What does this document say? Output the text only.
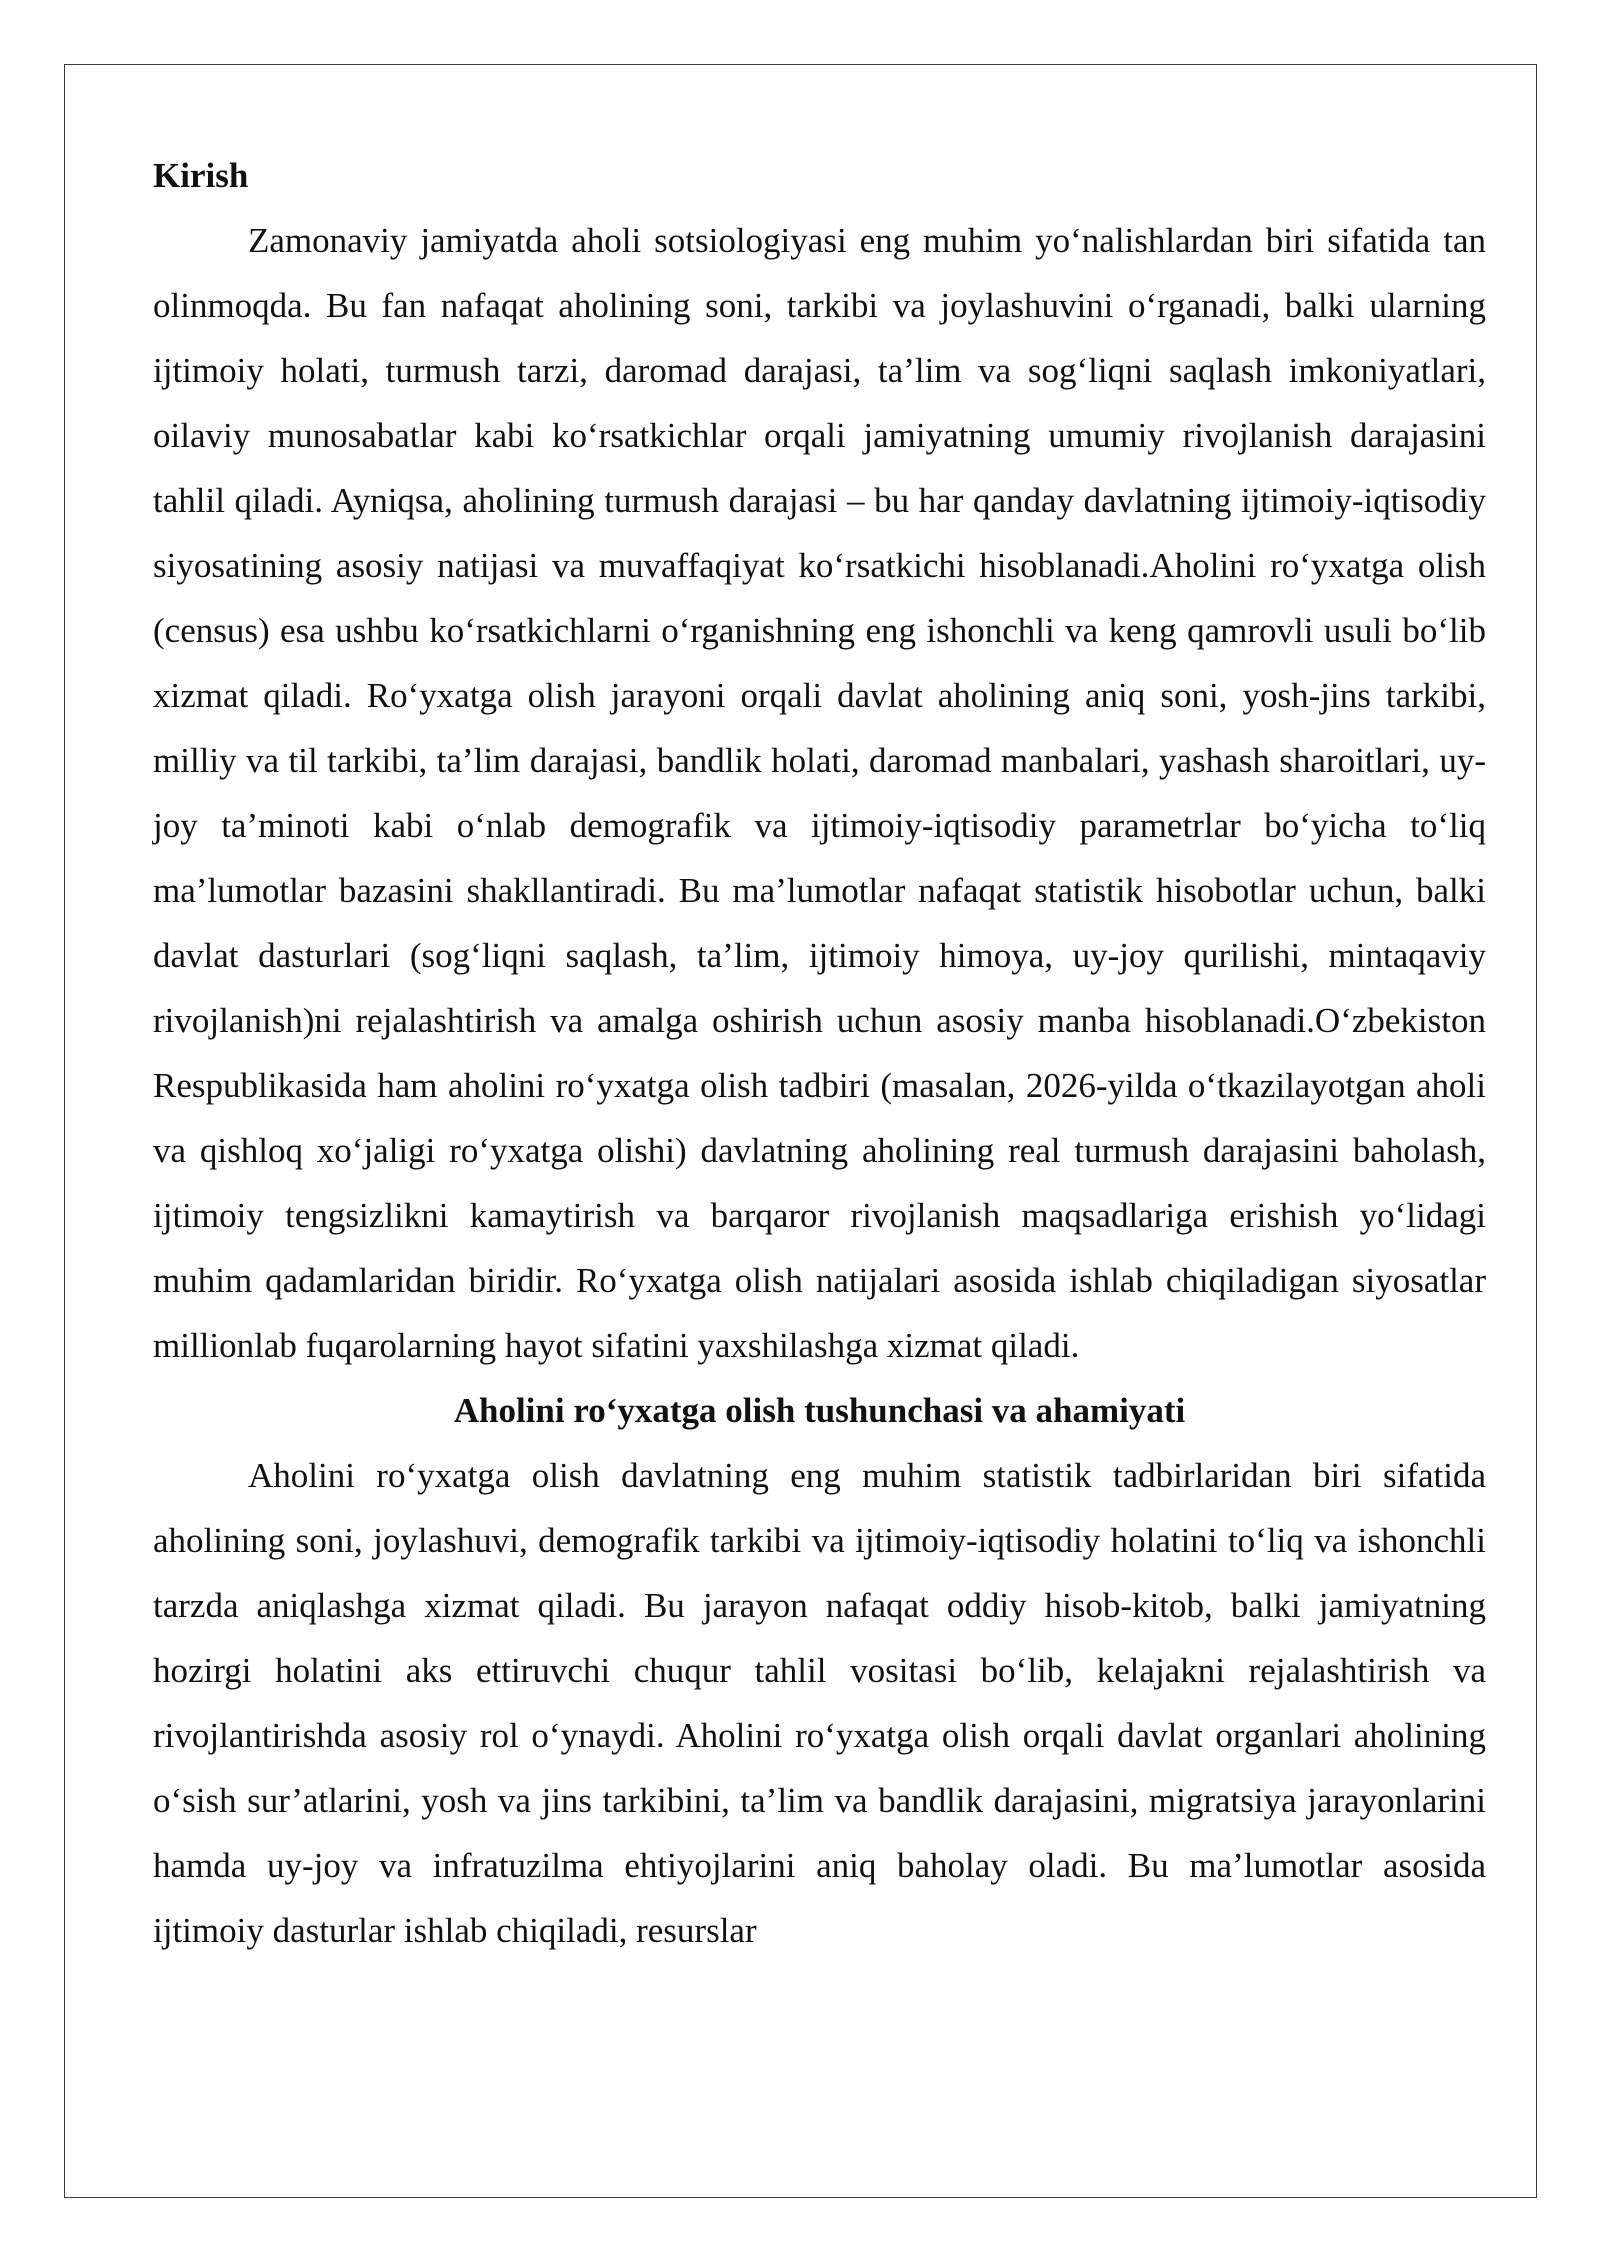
Kirish

Zamonaviy jamiyatda aholi sotsiologiyasi eng muhim yo‘nalishlardan biri sifatida tan olinmoqda. Bu fan nafaqat aholining soni, tarkibi va joylashuvini o‘rganadi, balki ularning ijtimoiy holati, turmush tarzi, daromad darajasi, ta’lim va sog‘liqni saqlash imkoniyatlari, oilaviy munosabatlar kabi ko‘rsatkichlar orqali jamiyatning umumiy rivojlanish darajasini tahlil qiladi. Ayniqsa, aholining turmush darajasi – bu har qanday davlatning ijtimoiy-iqtisodiy siyosatining asosiy natijasi va muvaffaqiyat ko‘rsatkichi hisoblanadi.Aholini ro‘yxatga olish (census) esa ushbu ko‘rsatkichlarni o‘rganishning eng ishonchli va keng qamrovli usuli bo‘lib xizmat qiladi. Ro‘yxatga olish jarayoni orqali davlat aholining aniq soni, yosh-jins tarkibi, milliy va til tarkibi, ta’lim darajasi, bandlik holati, daromad manbalari, yashash sharoitlari, uy-joy ta’minoti kabi o‘nlab demografik va ijtimoiy-iqtisodiy parametrlar bo‘yicha to‘liq ma’lumotlar bazasini shakllantiradi. Bu ma’lumotlar nafaqat statistik hisobotlar uchun, balki davlat dasturlari (sog‘liqni saqlash, ta’lim, ijtimoiy himoya, uy-joy qurilishi, mintaqaviy rivojlanish)ni rejalashtirish va amalga oshirish uchun asosiy manba hisoblanadi.O‘zbekiston Respublikasida ham aholini ro‘yxatga olish tadbiri (masalan, 2026-yilda o‘tkazilayotgan aholi va qishloq xo‘jaligi ro‘yxatga olishi) davlatning aholining real turmush darajasini baholash, ijtimoiy tengsizlikni kamaytirish va barqaror rivojlanish maqsadlariga erishish yo‘lidagi muhim qadamlaridan biridir. Ro‘yxatga olish natijalari asosida ishlab chiqiladigan siyosatlar millionlab fuqarolarning hayot sifatini yaxshilashga xizmat qiladi.

Aholini ro‘yxatga olish tushunchasi va ahamiyati

Aholini ro‘yxatga olish davlatning eng muhim statistik tadbirlaridan biri sifatida aholining soni, joylashuvi, demografik tarkibi va ijtimoiy-iqtisodiy holatini to‘liq va ishonchli tarzda aniqlashga xizmat qiladi. Bu jarayon nafaqat oddiy hisob-kitob, balki jamiyatning hozirgi holatini aks ettiruvchi chuqur tahlil vositasi bo‘lib, kelajakni rejalashtirish va rivojlantirishda asosiy rol o‘ynaydi. Aholini ro‘yxatga olish orqali davlat organlari aholining o‘sish sur’atlarini, yosh va jins tarkibini, ta’lim va bandlik darajasini, migratsiya jarayonlarini hamda uy-joy va infratuzilma ehtiyojlarini aniq baholay oladi. Bu ma’lumotlar asosida ijtimoiy dasturlar ishlab chiqiladi, resurslar
